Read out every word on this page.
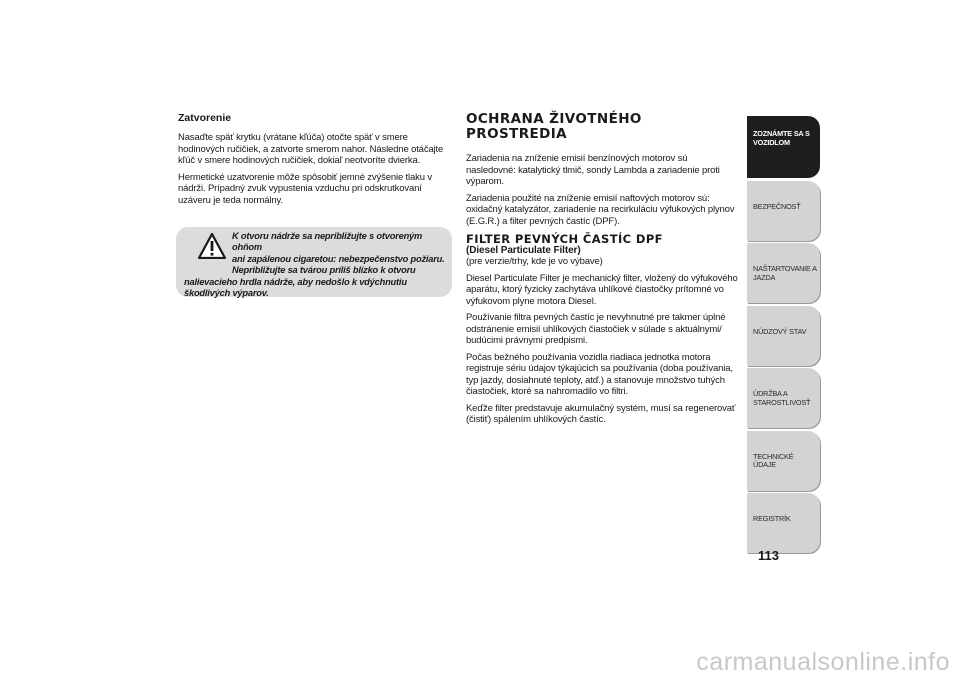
Zatvorenie

Nasaďte späť krytku (vrátane kľúča) otočte späť v smere hodinových ručičiek, a zatvorte smerom nahor. Následne otáčajte kľúč v smere hodinových ručičiek, dokiaľ neotvoríte dvierka.

Hermetické uzatvorenie môže spôsobiť jemné zvýšenie tlaku v nádrži. Prípadný zvuk vypustenia vzduchu pri odskrutkovaní uzáveru je teda normálny.

K otvoru nádrže sa nepribližujte s otvoreným ohňom
ani zapálenou cigaretou: nebezpečenstvo požiaru.
Nepribližujte sa tvárou príliš blízko k otvoru
nalievacieho hrdla nádrže, aby nedošlo k vdýchnutiu škodlivých výparov.
OCHRANA ŽIVOTNÉHO
PROSTREDIA

Zariadenia na zníženie emisií benzínových motorov sú nasledovné: katalytický tlmič, sondy Lambda a zariadenie proti výparom.

Zariadenia použité na zníženie emisií naftových motorov sú: oxidačný katalyzátor, zariadenie na recirkuláciu výfukových plynov (E.G.R.) a filter pevných častíc (DPF).

FILTER PEVNÝCH ČASTÍC DPF
(Diesel Particulate Filter)

(pre verzie/trhy, kde je vo výbave)

Diesel Particulate Filter je mechanický filter, vložený do výfukového aparátu, ktorý fyzicky zachytáva uhlíkové čiastočky prítomné vo výfukovom plyne motora Diesel.

Používanie filtra pevných častíc je nevyhnutné pre takmer úplné odstránenie emisií uhlíkových čiastočiek v súlade s aktuálnymi/ budúcimi právnymi predpismi.

Počas bežného používania vozidla riadiaca jednotka motora registruje sériu údajov týkajúcich sa používania (doba používania, typ jazdy, dosiahnuté teploty, atď.) a stanovuje množstvo tuhých čiastočiek, ktoré sa nahromadilo vo filtri.

Keďže filter predstavuje akumulačný systém, musí sa regenerovať (čistiť) spálením uhlíkových častíc.

ZOZNÁMTE SA S VOZIDLOM
BEZPEČNOSŤ
NAŠTARTOVANIE A JAZDA
NÚDZOVÝ STAV
ÚDRŽBA A STAROSTLIVOSŤ
TECHNICKÉ ÚDAJE
REGISTRÍK
113
carmanualsonline.info
